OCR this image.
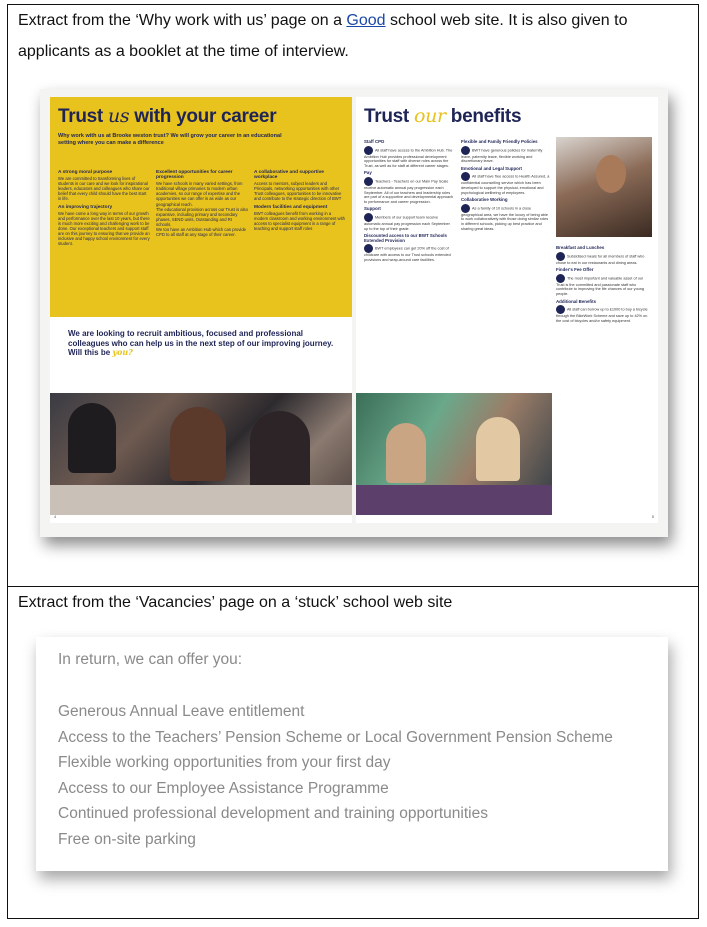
Extract from the ‘Why work with us’ page on a Good school web site. It is also given to applicants as a booklet at the time of interview.

Trust us with your career
Why work with us at Brooke weston trust? We will grow your career in an educational setting where you can make a difference
A strong moral purpose
We are committed to transforming lives of students in our care and we look for inspirational leaders, educators and colleagues who share our belief that every child should have the best start in life.

An improving trajectory
We have come a long way in terms of our growth and performance over the last 10 years, but there is much more exciting and challenging work to be done. Our exceptional teachers and support staff are on this journey to ensuring that we provide an inclusive and happy school environment for every student.

Excellent opportunities for career progression
We have schools in many varied settings, from traditional village primaries to modern urban academies, so our range of expertise and the opportunities we can offer is as wide as our geographical reach.
The educational provision across our Trust is also expansive, including primary and secondary phases, SEND units, Outstanding and RI schools.
We too have an Ambition Hub which can provide CPD to all staff at any stage of their career.

A collaborative and supportive workplace
Access to mentors, subject leaders and Principals, networking opportunities with other Trust colleagues, opportunities to be innovative and contribute to the strategic direction of BWT

Modern facilities and equipment
BWT colleagues benefit from working in a modern classroom and working environment with access to specialist equipment in a range of teaching and support staff roles

We are looking to recruit ambitious, focused and professional colleagues who can help us in the next step of our improving journey. Will this be you?
4
Trust our benefits
Staff CPD
All staff have access to the Ambition Hub. The Ambition Hub provides professional development opportunities for staff with diverse roles across the Trust, as well as for staff at different career stages.
Pay
Teachers - Teachers on our Main Pay Scale receive automatic annual pay progression each September. All of our teachers and leadership roles are part of a supportive and developmental approach to performance and career progression.
Support
Members of our support team receive automatic annual pay progression each September up to the top of their grade.
Discounted access to our BWT Schools Extended Provision
BWT employees can get 20% off the cost of childcare with access to our Trust schools extended provisions and wrap-around care facilities.
Flexible and Family Friendly Policies
BWT have generous policies for maternity leave, paternity leave, flexible working and discretionary leave.
Emotional and Legal Support
All staff have free access to Health Assured, a confidential counselling service which has been developed to support the physical, emotional and psychological wellbeing of employees.
Collaborative Working
As a family of 10 schools in a close geographical area, we have the luxury of being able to work collaboratively with those doing similar roles in different schools, picking up best practice and sharing great ideas.
Breakfast and Lunches
Subsidised meals for all members of staff who chose to eat in our restaurants and dining areas.
Finder's Fee Offer
The most important and valuable asset of our Trust is the committed and passionate staff who contribute to improving the life chances of our young people.
Additional Benefits
All staff can borrow up to £1000 to buy a bicycle through the BikeWork Scheme and save up to 42% on the cost of bicycles and/or safety equipment.
5

Extract from the ‘Vacancies’ page on a ‘stuck’ school web site

In return, we can offer you:

Generous Annual Leave entitlement
Access to the Teachers’ Pension Scheme or Local Government Pension Scheme
Flexible working opportunities from your first day
Access to our Employee Assistance Programme
Continued professional development and training opportunities
Free on-site parking
